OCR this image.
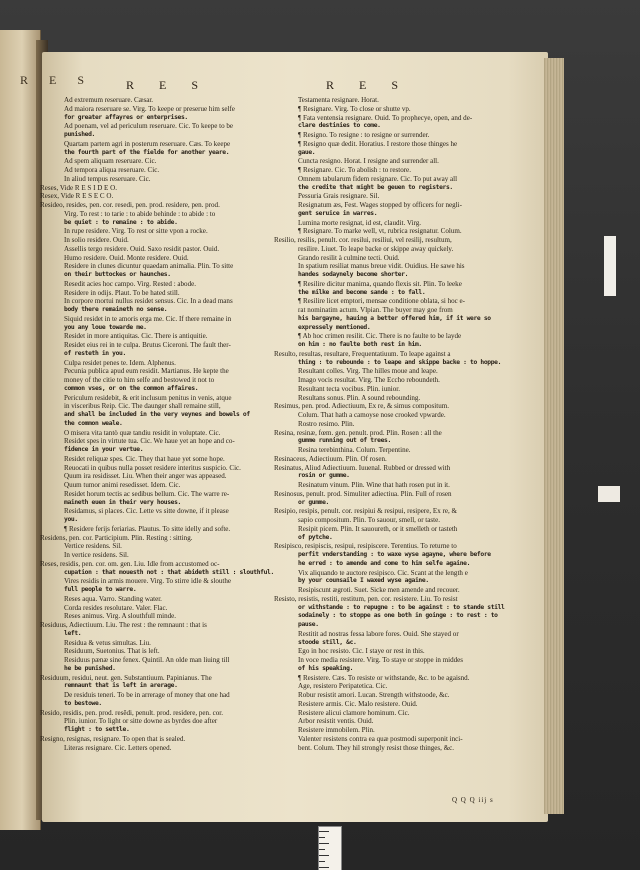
R E S	R E S	R E S
Ad extremum reseruare. Cæsar.
Ad maiora reseruare se. Virg. To keepe or preserue him selfe
for greater affayres or enterprises.
Ad poenam, vel ad periculum reseruare. Cic. To keepe to be
punished.
Quartam partem agri in posterum reseruare. Cæs. To keepe
the fourth part of the fielde for another yeare.
Ad spem aliquam reseruare. Cic.
Ad tempora aliqua reseruare. Cic.
In aliud tempus reseruare. Cic.
Reses, Vide R E S I D E O.
Resex, Vide R E S E C O.
Resideo, resides, pen. cor. resedi, pen. prod. residere, pen. prod.
Virg. To rest : to tarie : to abide behinde : to abide : to
be quiet : to remaine : to abide.
In rupe residere. Virg. To rest or sitte vpon a rocke.
In solio residere. Ouid.
Assellis tergo residere. Ouid. Saxo residit pastor. Ouid.
Humo residere. Ouid. Monte residere. Ouid.
Residere in clunes dicuntur quaedam animalia. Plin. To sitte
on their buttockes or haunches.
Resedit acies hoc campo. Virg. Rested : abode.
Residere in odijs. Plaut. To be hated still.
In corpore mortui nullus residet sensus. Cic. In a dead mans
body there remaineth no sense.
Siquid residet in te amoris erga me. Cic. If there remaine in
you any loue towarde me.
Residet in more antiquitas. Cic. There is antiquitie.
Residet eius rei in te culpa. Brutus Ciceroni. The fault ther-
of resteth in you.
Culpa residet penes te. Idem. Alphenus.
Pecunia publica apud eum residit. Martianus. He kepte the
money of the citie to him selfe and bestowed it not to
common vses, or on the common affaires.
Periculum residebit, & erit inclusum penitus in venis, atque
in visceribus Reip. Cic. The daunger shall remaine still,
and shall be included in the very veynes and bowels of
the common weale.
O misera vita tantò quæ tandiu residit in voluptate. Cic.
Residet spes in virtute tua. Cic. We haue yet an hope and co-
fidence in your vertue.
Residet reliquæ spes. Cic. They that haue yet some hope.
Reuocati in quibus nulla posset residere interitus suspicio. Cic.
Quum ira residisset. Liu. When their anger was appeased.
Quum tumor animi resedisset. Idem. Cic.
Residet horum tectis ac sedibus bellum. Cic. The warre re-
maineth euen in their very houses.
Residamus, si places. Cic. Lette vs sitte downe, if it please
you.
¶ Residere ferijs feriarias. Plautus. To sitte idelly and softe.
Residens, pen. cor. Participium. Plin. Resting : sitting.
Vertice residens. Sil.
In vertice residens. Sil.
Reses, residis, pen. cor. om. gen. Liu. Idle from accustomed oc-
cupation : that mouesth not : that abideth still : slouthful.
Vires residis in armis mouere. Virg. To stirre idle & slouthe
full people to warre.
Reses aqua. Varro. Standing water.
Corda resides resolutare. Valer. Flac.
Reses animus. Virg. A slouthfull minde.
Residuus, Adiectiuum. Liu. The rest : the remnaunt : that is
left.
Residua & vetus simultas. Liu.
Residuum, Suetonius. That is left.
Residuus pænæ sine fenex. Quintil. An olde man liuing till
he be punished.
Residuum, residui, neut. gen. Substantiuum. Papinianus. The
remnaunt that is left in arerage.
De residuis teneri. To be in arrerage of money that one had
to bestowe.
Resido, residis, pen. prod. resēdi, penult. prod. residere, pen. cor.
Plin. iunior. To light or sitte downe as byrdes doe after
flight : to settle.
Resigno, resignas, resignare. To open that is sealed.
Literas resignare. Cic. Letters opened.
Testamenta resignare. Horat.
¶ Resignare. Virg. To close or shutte vp.
¶ Fata ventensia resignare. Ouid. To prophecye, open, and de-
clare destinies to come.
¶ Resigno. To resigne : to resigne or surrender.
¶ Resigno quæ dedit. Horatius. I restore those thinges he
gaue.
Cuncta resigno. Horat. I resigne and surrender all.
¶ Resignare. Cic. To abolish : to restore.
Omnem tabularum fidem resignare. Cic. To put away all
the credite that might be geuen to registers.
Pessuria Grais resignare. Sil.
Resignatum æs, Fest. Wages stopped by officers for negli-
gent seruice in warres.
Lumina morte resignat, id est, claudit. Virg.
¶ Resignare. To marke well, vt, rubrica resignatur. Colum.
Resilio, resilis, penult. cor. resilui, resiliui, vel resilij, resultum,
resilire. Liuet. To leape backe or skippe away quickely.
Grando resilit à culmine tecti. Ouid.
In spatium resiliat manus breue vidit. Ouidius. He sawe his
handes sodaynely become shorter.
¶ Resilire dicitur manima, quando flexis sit. Plin. To leeke
the milke and become sande : to fall.
¶ Resilire licet emptori, mensae conditione oblata, si hoc e-
rat nominatim actum. Vlpian. The buyer may goe from
his bargayne, hauing a better offered him, if it were so
expressely mentioned.
¶ Ab hoc crimen resilit. Cic. There is no faulte to be layde
on him : no faulte both rest in him.
Resulto, resultas, resultare, Frequentatiuum. To leape against a
thing : to rebounde : to leape and skippe backe : to hoppe.
Resultant colles. Virg. The hilles moue and leape.
Imago vocis resultat. Virg. The Eccho reboundeth.
Resultant tecta vocibus. Plin. iunior.
Resultans sonus. Plin. A sound rebounding.
Resimus, pen. prod. Adiectiuum, Ex re, & simus compositum.
Colum. That hath a camoyse nose crooked vpwarde.
Rostro resimo. Plin.
Resina, resinæ, fœm. gen. penult. prod. Plin. Rosen : all the
gumme running out of trees.
Resina terebinthina. Colum. Terpentine.
Resinaceus, Adiectiuum. Plin. Of rosen.
Resinatus, Aliud Adiectiuum. Iuuenal. Rubbed or dressed with
rosin or gumme.
Resinatum vinum. Plin. Wine that hath rosen put in it.
Resinosus, penult. prod. Simuliter adiectiua. Plin. Full of rosen
or gumme.
Resipio, resipis, penult. cor. resipiui & resipui, resipere, Ex re, &
sapio compositum. Plin. To sauour, smell, or taste.
Resipit picem. Plin. It sauoureth, or it smelleth or tasteth
of pytche.
Resipisco, resipiscis, resipui, resipiscere. Terentius. To returne to
perfit vnderstanding : to waxe wyse agayne, where before
he erred : to amende and come to him selfe againe.
Vix aliquando te auctore resipisco. Cic. Scant at the length e
by your counsaile I waxed wyse againe.
Resipiscunt ægroti. Suet. Sicke men amende and recouer.
Resisto, resistis, restiti, restitum, pen. cor. resistere. Liu. To resist
or withstande : to repugne : to be against : to stande still
sodainely : to stoppe as one both in goinge : to rest : to
pause.
Restitit ad nostras fessa labore fores. Ouid. She stayed or
stoode still, &c.
Ego in hoc resisto. Cic. I staye or rest in this.
In voce media resistere. Virg. To staye or stoppe in middes
of his speaking.
¶ Resistere. Cæs. To resiste or withstande, &c. to be agaisnd.
Age, resistero Peripatetica. Cic.
Robur resistit amori. Lucan. Strength withstoode, &c.
Resistere armis. Cic. Malo resistere. Ouid.
Resistere alicui clamore hominum. Cic.
Arbor resistit ventis. Ouid.
Resistere immobilem. Plin.
Valenter resistens contra ea quæ postmodi superponit inci-
bent. Colum. They hil strongly resist those thinges, &c.
Q Q Q iij s
